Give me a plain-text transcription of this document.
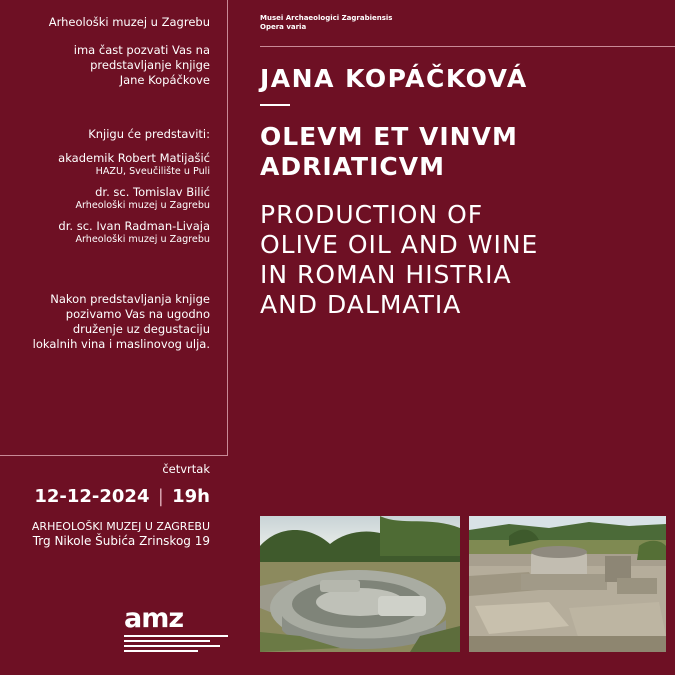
Arheološki muzej u Zagrebu
ima čast pozvati Vas na
predstavljanje knjige
Jane Kopáčkove
Knjigu će predstaviti:
akademik Robert Matijašić
HAZU, Sveučilište u Puli
dr. sc. Tomislav Bilić
Arheološki muzej u Zagrebu
dr. sc. Ivan Radman-Livaja
Arheološki muzej u Zagrebu
Nakon predstavljanja knjige
pozivamo Vas na ugodno
druženje uz degustaciju
lokalnih vina i maslinovog ulja.
četvrtak
12-12-2024 | 19h
ARHEOLOŠKI MUZEJ U ZAGREBU
Trg Nikole Šubića Zrinskog 19
amz
Musei Archaeologici Zagrabiensis
Opera varia
JANA KOPÁČKOVÁ
OLEVM ET VINVM
ADRIATICVM
PRODUCTION OF
OLIVE OIL AND WINE
IN ROMAN HISTRIA
AND DALMATIA
